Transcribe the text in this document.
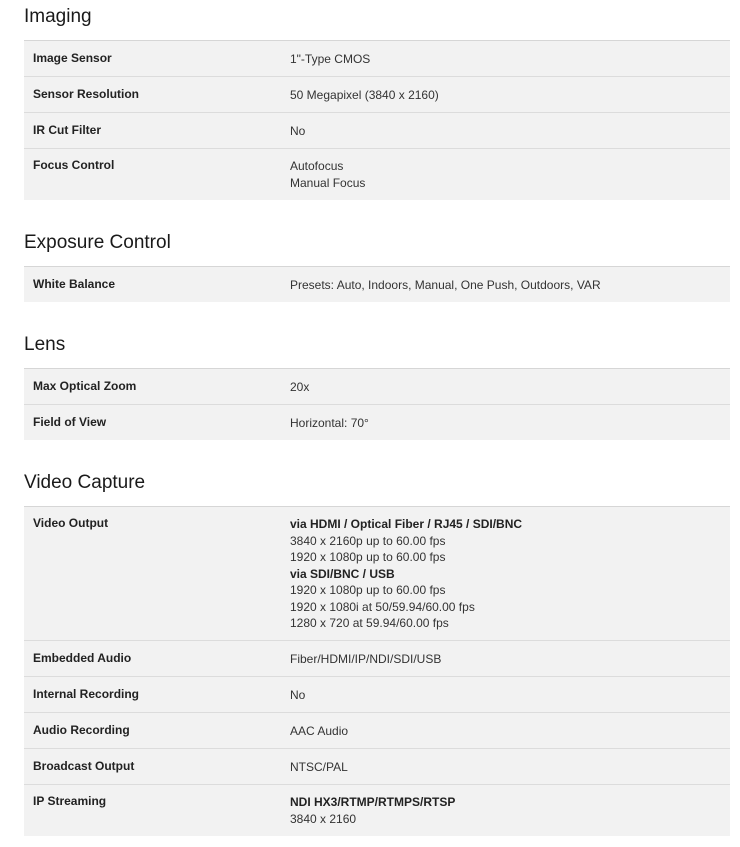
Imaging
Image Sensor	1"-Type CMOS
Sensor Resolution	50 Megapixel (3840 x 2160)
IR Cut Filter	No
Focus Control	Autofocus
Manual Focus
Exposure Control
White Balance	Presets: Auto, Indoors, Manual, One Push, Outdoors, VAR
Lens
Max Optical Zoom	20x
Field of View	Horizontal: 70°
Video Capture
Video Output	via HDMI / Optical Fiber / RJ45 / SDI/BNC
3840 x 2160p up to 60.00 fps
1920 x 1080p up to 60.00 fps
via SDI/BNC / USB
1920 x 1080p up to 60.00 fps
1920 x 1080i at 50/59.94/60.00 fps
1280 x 720 at 59.94/60.00 fps
Embedded Audio	Fiber/HDMI/IP/NDI/SDI/USB
Internal Recording	No
Audio Recording	AAC Audio
Broadcast Output	NTSC/PAL
IP Streaming	NDI HX3/RTMP/RTMPS/RTSP
3840 x 2160
